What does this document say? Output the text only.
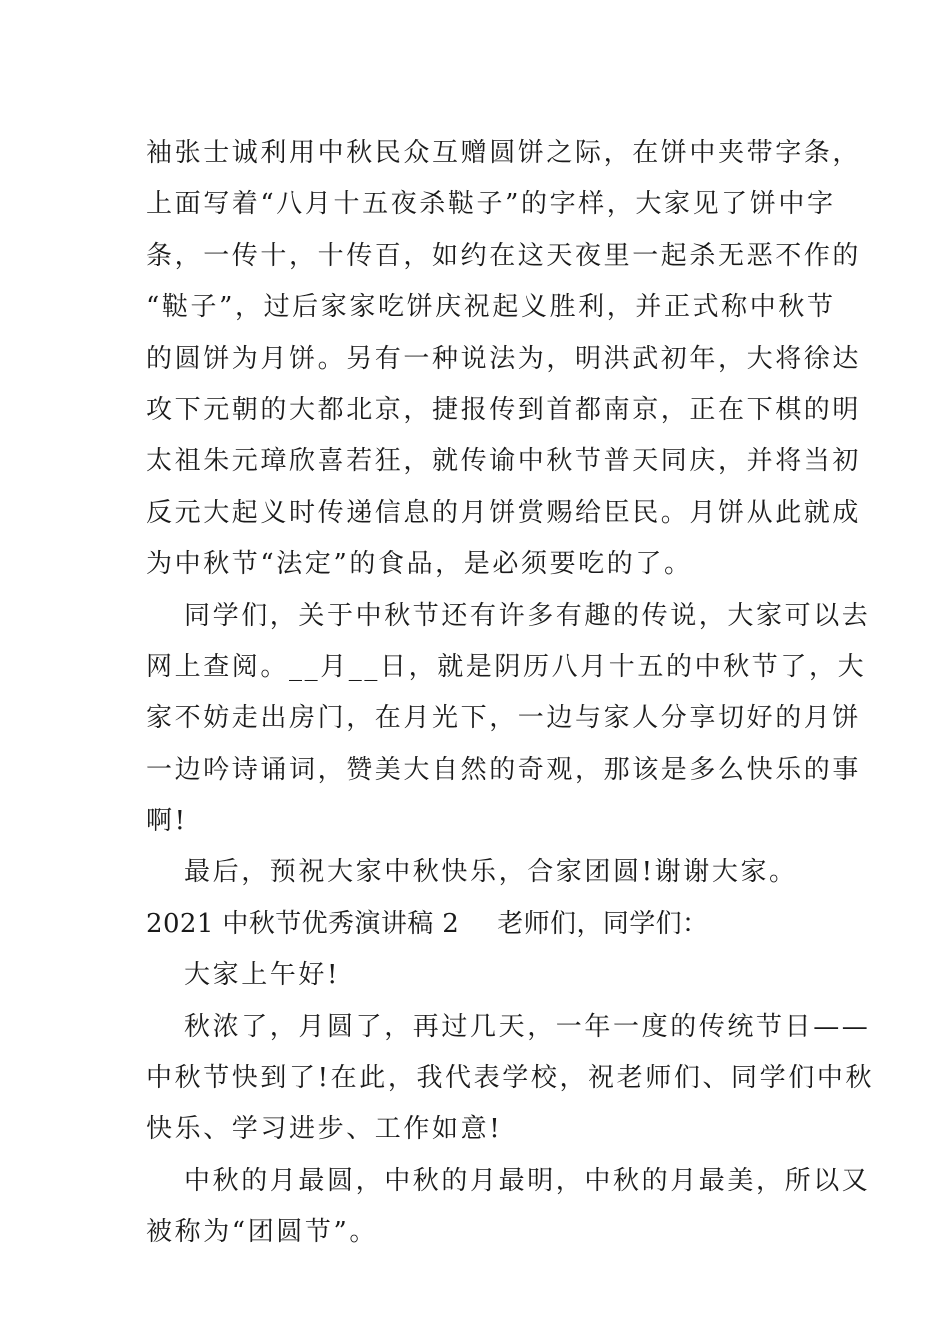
袖张士诚利用中秋民众互赠圆饼之际，在饼中夹带字条，
上面写着“八月十五夜杀鞑子”的字样，大家见了饼中字
条，一传十，十传百，如约在这天夜里一起杀无恶不作的
“鞑子”，过后家家吃饼庆祝起义胜利，并正式称中秋节
的圆饼为月饼。另有一种说法为，明洪武初年，大将徐达
攻下元朝的大都北京，捷报传到首都南京，正在下棋的明
太祖朱元璋欣喜若狂，就传谕中秋节普天同庆，并将当初
反元大起义时传递信息的月饼赏赐给臣民。月饼从此就成
为中秋节“法定”的食品，是必须要吃的了。
同学们，关于中秋节还有许多有趣的传说，大家可以去
网上查阅。__月__日，就是阴历八月十五的中秋节了，大
家不妨走出房门，在月光下，一边与家人分享切好的月饼
一边吟诗诵词，赞美大自然的奇观，那该是多么快乐的事
啊!
最后，预祝大家中秋快乐，合家团圆!谢谢大家。
2021 中秋节优秀演讲稿 2 老师们，同学们：
大家上午好!
秋浓了，月圆了，再过几天，一年一度的传统节日——
中秋节快到了!在此，我代表学校，祝老师们、同学们中秋
快乐、学习进步、工作如意!
中秋的月最圆，中秋的月最明，中秋的月最美，所以又
被称为“团圆节”。
